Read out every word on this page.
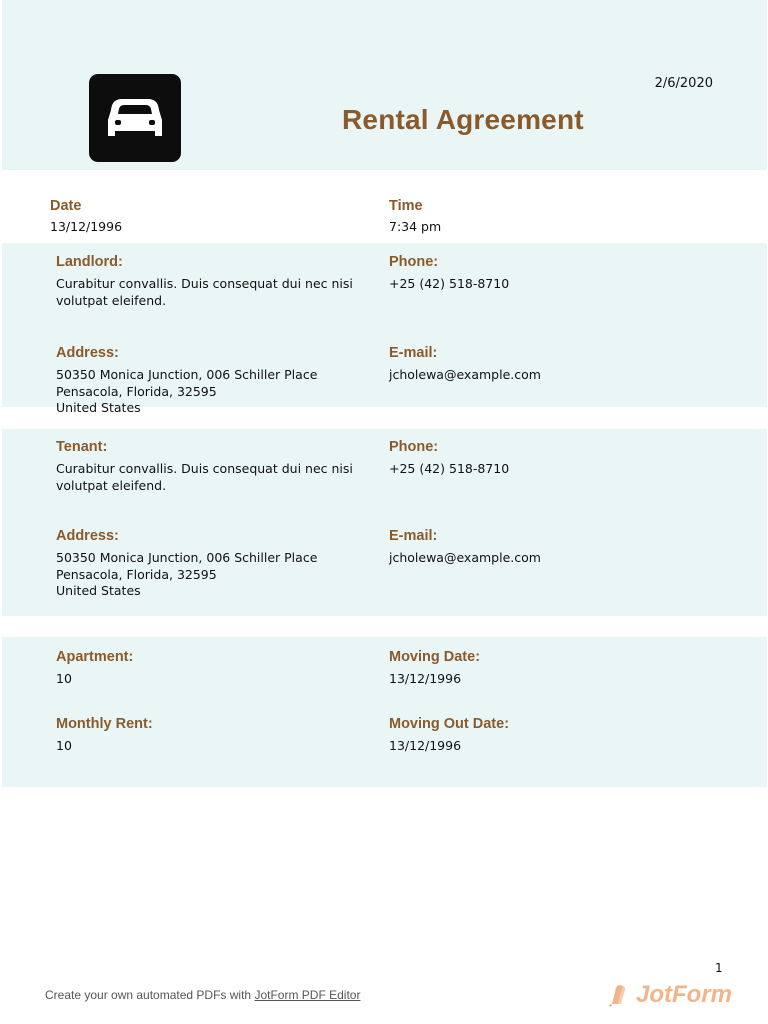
2/6/2020
Rental Agreement
Date
13/12/1996
Time
7:34 pm
Landlord:
Curabitur convallis. Duis consequat dui nec nisi
volutpat eleifend.
Phone:
+25 (42) 518-8710
Address:
50350 Monica Junction, 006 Schiller Place
Pensacola, Florida, 32595
United States
E-mail:
jcholewa@example.com
Tenant:
Curabitur convallis. Duis consequat dui nec nisi
volutpat eleifend.
Phone:
+25 (42) 518-8710
Address:
50350 Monica Junction, 006 Schiller Place
Pensacola, Florida, 32595
United States
E-mail:
jcholewa@example.com
Apartment:
10
Moving Date:
13/12/1996
Monthly Rent:
10
Moving Out Date:
13/12/1996
1
Create your own automated PDFs with JotForm PDF Editor	JotForm
